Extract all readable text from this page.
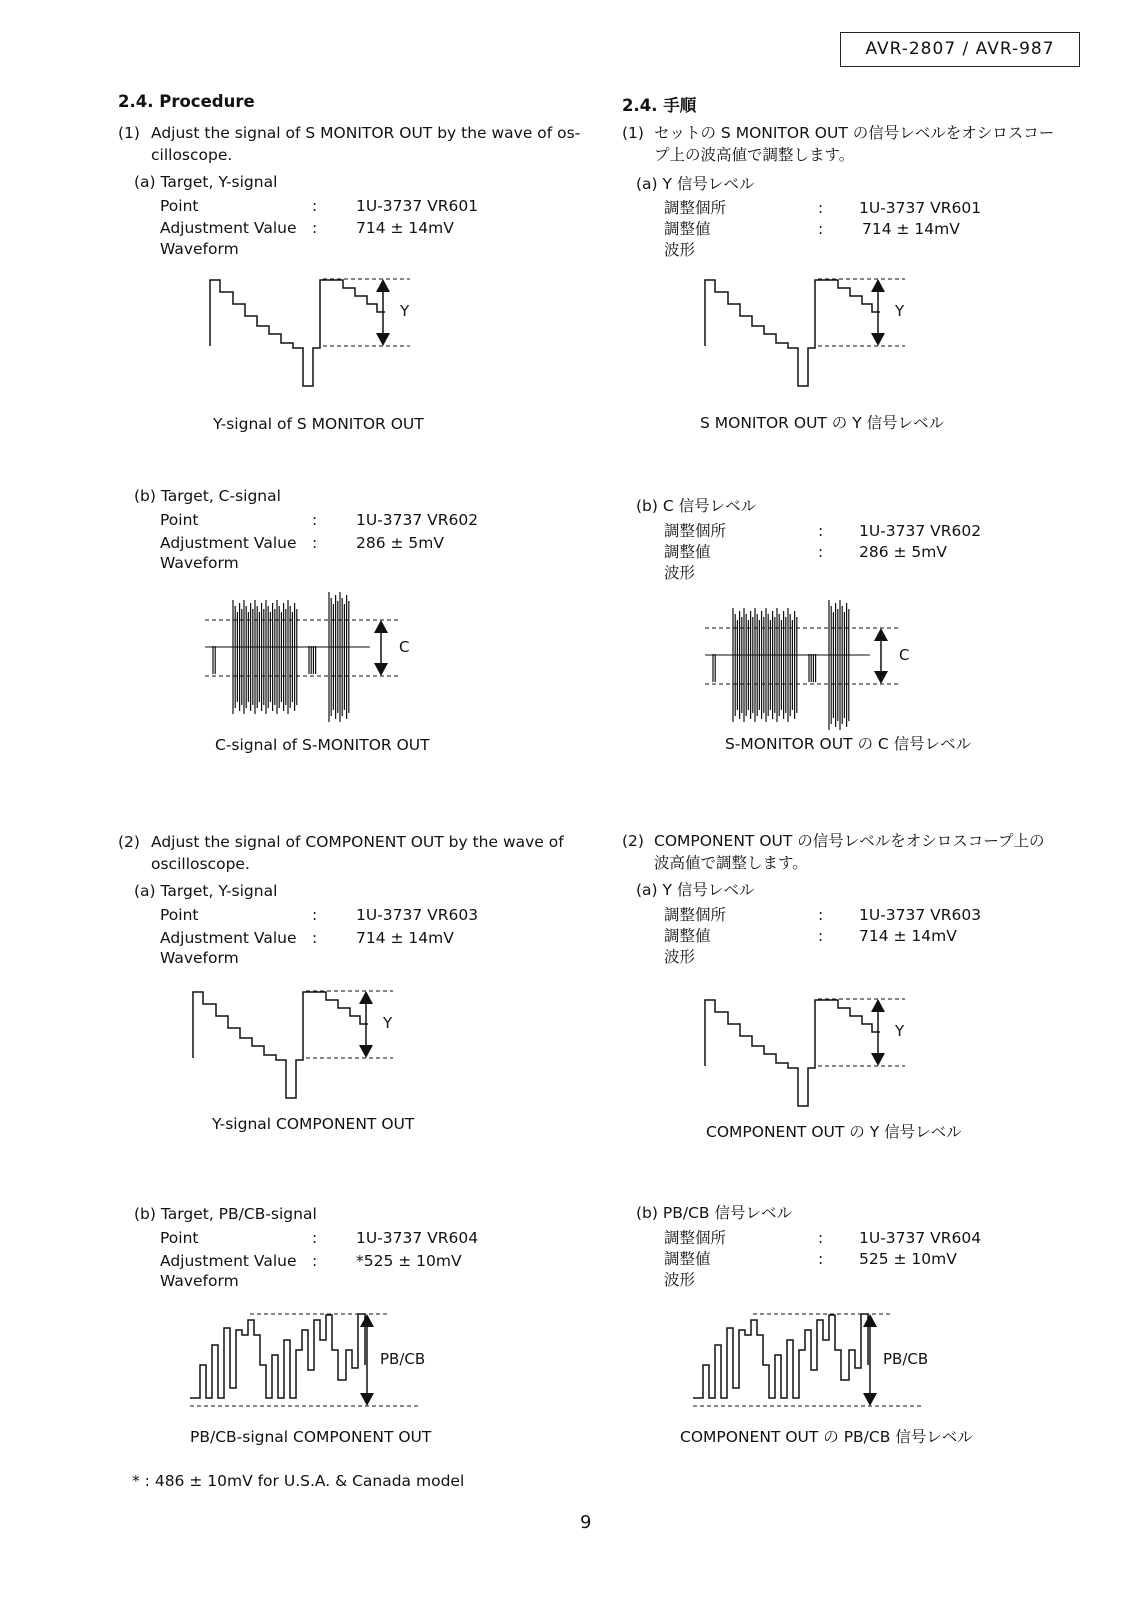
AVR-2807 / AVR-987
2.4. Procedure
(1) Adjust the signal of S MONITOR OUT by the wave of os-
cilloscope.
(a) Target, Y-signal
Point	:	1U-3737 VR601
Adjustment Value :	714 ± 14mV
Waveform
Y
Y-signal of S MONITOR OUT
(b) Target, C-signal
Point	:	1U-3737 VR602
Adjustment Value :	286 ± 5mV
Waveform
C
C-signal of S-MONITOR OUT
(2) Adjust the signal of COMPONENT OUT by the wave of
oscilloscope.
(a) Target, Y-signal
Point	:	1U-3737 VR603
Adjustment Value :	714 ± 14mV
Waveform
Y
Y-signal COMPONENT OUT
(b) Target, PB/CB-signal
Point	:	1U-3737 VR604
Adjustment Value :	*525 ± 10mV
Waveform
PB/CB
PB/CB-signal COMPONENT OUT
* : 486 ± 10mV for U.S.A. & Canada model
2.4. 手順
(1) セットの S MONITOR OUT の信号レベルをオシロスコー
プ上の波高値で調整します。
(a) Y 信号レベル
調整個所	: 1U-3737 VR601
調整値	:	714 ± 14mV
波形
Y
S MONITOR OUT の Y 信号レベル
(b) C 信号レベル
調整個所	: 1U-3737 VR602
調整値	: 286 ± 5mV
波形
C
S-MONITOR OUT の C 信号レベル
(2) COMPONENT OUT の信号レベルをオシロスコープ上の
波高値で調整します。
(a) Y 信号レベル
調整個所	: 1U-3737 VR603
調整値	: 714 ± 14mV
波形
Y
COMPONENT OUT の Y 信号レベル
(b) PB/CB 信号レベル
調整個所	: 1U-3737 VR604
調整値	: 525 ± 10mV
波形
PB/CB
COMPONENT OUT の PB/CB 信号レベル
9
